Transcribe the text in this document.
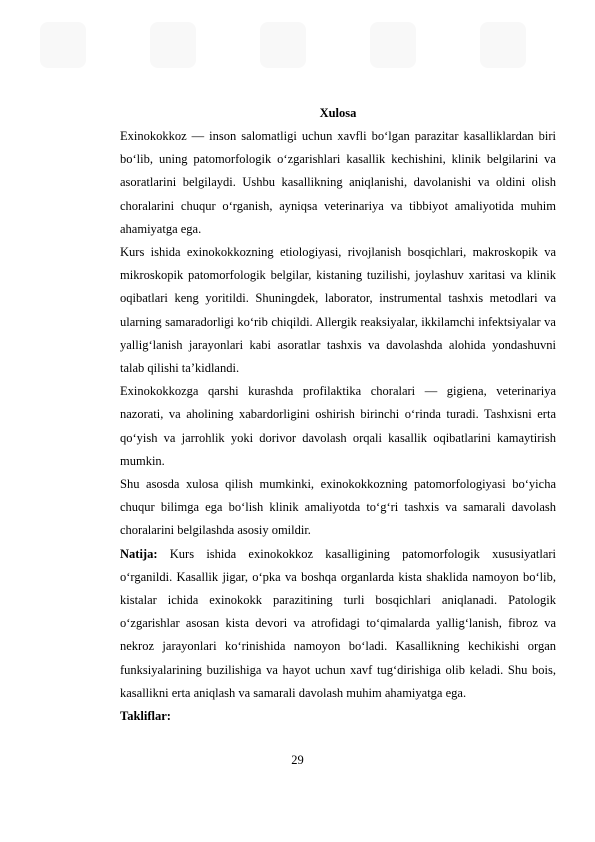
Xulosa

Exinokokkoz — inson salomatligi uchun xavfli bo‘lgan parazitar kasalliklardan biri bo‘lib, uning patomorfologik o‘zgarishlari kasallik kechishini, klinik belgilarini va asoratlarini belgilaydi. Ushbu kasallikning aniqlanishi, davolanishi va oldini olish choralarini chuqur o‘rganish, ayniqsa veterinariya va tibbiyot amaliyotida muhim ahamiyatga ega.

Kurs ishida exinokokkozning etiologiyasi, rivojlanish bosqichlari, makroskopik va mikroskopik patomorfologik belgilar, kistaning tuzilishi, joylashuv xaritasi va klinik oqibatlari keng yoritildi. Shuningdek, laborator, instrumental tashxis metodlari va ularning samaradorligi ko‘rib chiqildi. Allergik reaksiyalar, ikkilamchi infektsiyalar va yallig‘lanish jarayonlari kabi asoratlar tashxis va davolashda alohida yondashuvni talab qilishi ta’kidlandi.

Exinokokkozga qarshi kurashda profilaktika choralari — gigiena, veterinariya nazorati, va aholining xabardorligini oshirish birinchi o‘rinda turadi. Tashxisni erta qo‘yish va jarrohlik yoki dorivor davolash orqali kasallik oqibatlarini kamaytirish mumkin.

Shu asosda xulosa qilish mumkinki, exinokokkozning patomorfologiyasi bo‘yicha chuqur bilimga ega bo‘lish klinik amaliyotda to‘g‘ri tashxis va samarali davolash choralarini belgilashda asosiy omildir.

Natija: Kurs ishida exinokokkoz kasalligining patomorfologik xususiyatlari o‘rganildi. Kasallik jigar, o‘pka va boshqa organlarda kista shaklida namoyon bo‘lib, kistalar ichida exinokokk parazitining turli bosqichlari aniqlanadi. Patologik o‘zgarishlar asosan kista devori va atrofidagi to‘qimalarda yallig‘lanish, fibroz va nekroz jarayonlari ko‘rinishida namoyon bo‘ladi. Kasallikning kechikishi organ funksiyalarining buzilishiga va hayot uchun xavf tug‘dirishiga olib keladi. Shu bois, kasallikni erta aniqlash va samarali davolash muhim ahamiyatga ega.

Takliflar:

29
